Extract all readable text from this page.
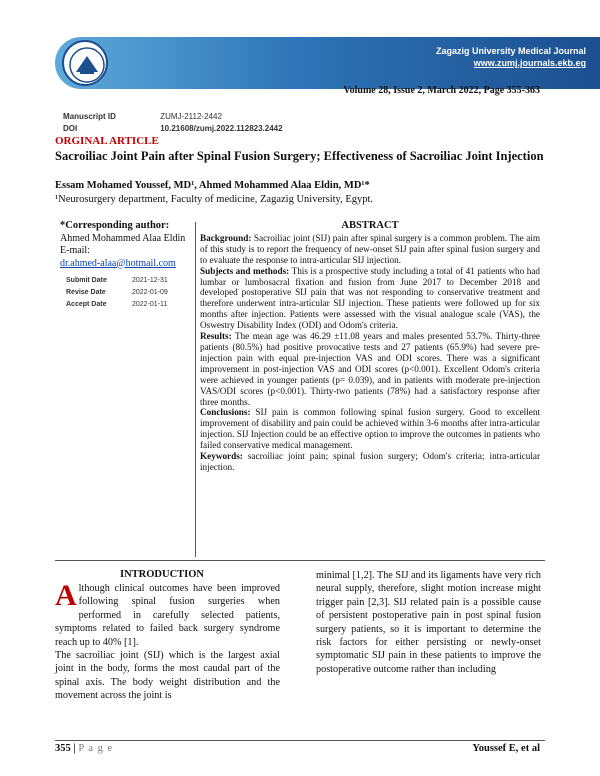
Zagazig University Medical Journal
www.zumj.journals.ekb.eg
Volume 28, Issue 2, March 2022, Page 355-363
Manuscript ID	ZUMJ-2112-2442
DOI	10.21608/zumj.2022.112823.2442
ORGINAL ARTICLE
Sacroiliac Joint Pain after Spinal Fusion Surgery; Effectiveness of Sacroiliac Joint Injection
Essam Mohamed Youssef, MD¹, Ahmed Mohammed Alaa Eldin, MD¹*
¹Neurosurgery department, Faculty of medicine, Zagazig University, Egypt.
*Corresponding author:
Ahmed Mohammed Alaa Eldin
E-mail:
dr.ahmed-alaa@hotmail.com
Submit Date	2021-12-31
Revise Date	2022-01-09
Accept Date	2022-01-11
ABSTRACT

Background: Sacroiliac joint (SIJ) pain after spinal surgery is a common problem. The aim of this study is to report the frequency of new-onset SIJ pain after spinal fusion surgery and to evaluate the response to intra-articular SIJ injection.

Subjects and methods: This is a prospective study including a total of 41 patients who had lumbar or lumbosacral fixation and fusion from June 2017 to December 2018 and developed postoperative SIJ pain that was not responding to conservative treatment and therefore underwent intra-articular SIJ injection. These patients were followed up for six months after injection. Patients were assessed with the visual analogue scale (VAS), the Oswestry Disability Index (ODI) and Odom's criteria.

Results: The mean age was 46.29 ±11.08 years and males presented 53.7%. Thirty-three patients (80.5%) had positive provocative tests and 27 patients (65.9%) had severe pre-injection pain with equal pre-injection VAS and ODI scores. There was a significant improvement in post-injection VAS and ODI scores (p<0.001). Excellent Odom's criteria were achieved in younger patients (p= 0.039), and in patients with moderate pre-injection VAS/ODI scores (p<0.001). Thirty-two patients (78%) had a satisfactory response after three months.

Conclusions: SIJ pain is common following spinal fusion surgery. Good to excellent improvement of disability and pain could be achieved within 3-6 months after intra-articular injection. SIJ Injection could be an effective option to improve the outcomes in patients who failed conservative medical management.

Keywords: sacroiliac joint pain; spinal fusion surgery; Odom's criteria; intra-articular injection.

INTRODUCTION
Although clinical outcomes have been improved following spinal fusion surgeries when performed in carefully selected patients, symptoms related to failed back surgery syndrome reach up to 40% [1].
The sacroiliac joint (SIJ) which is the largest axial joint in the body, forms the most caudal part of the spinal axis. The body weight distribution and the movement across the joint is
minimal [1,2]. The SIJ and its ligaments have very rich neural supply, therefore, slight motion increase might trigger pain [2,3]. SIJ related pain is a possible cause of persistent postoperative pain in post spinal fusion surgery patients, so it is important to determine the risk factors for either persisting or newly-onset symptomatic SIJ pain in these patients to improve the postoperative outcome rather than including
355 | P a g e	Youssef E, et al
